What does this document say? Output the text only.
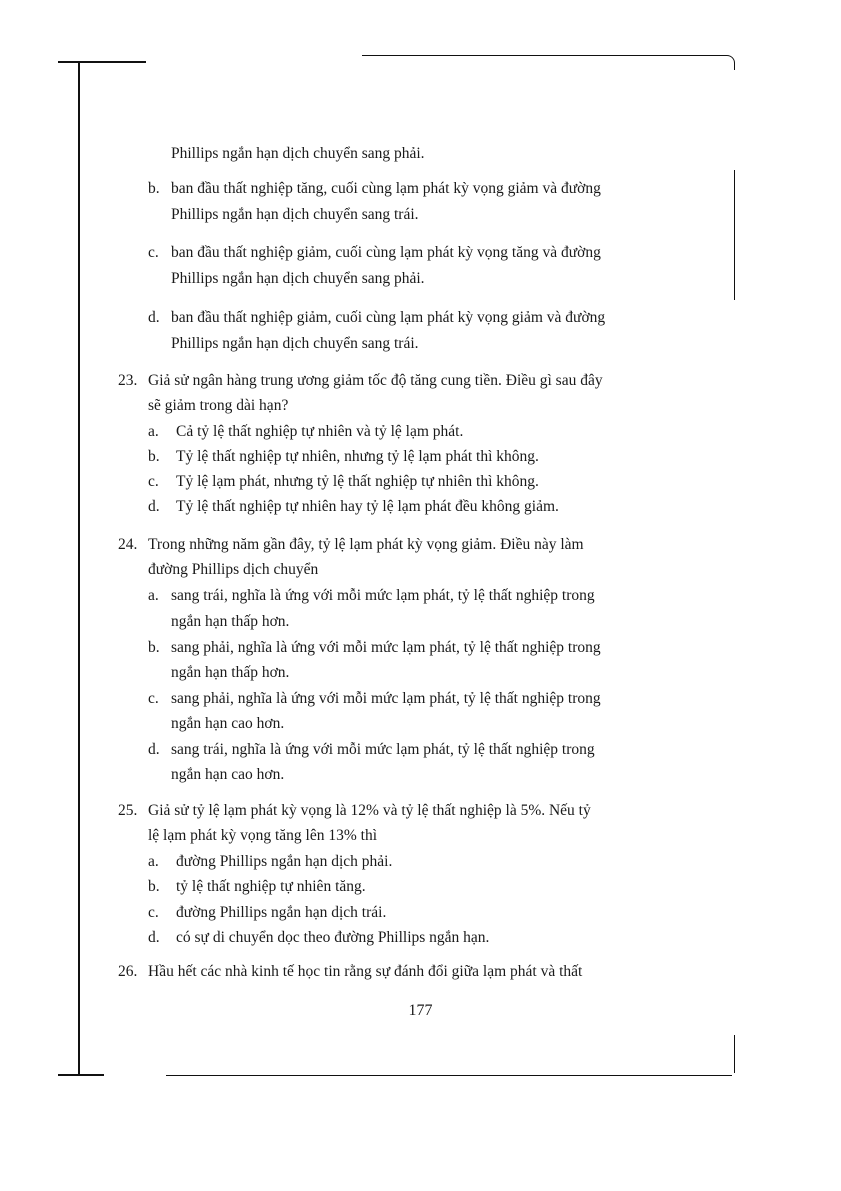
Phillips ngắn hạn dịch chuyển sang phải.
b. ban đầu thất nghiệp tăng, cuối cùng lạm phát kỳ vọng giảm và đường
Phillips ngắn hạn dịch chuyển sang trái.
c. ban đầu thất nghiệp giảm, cuối cùng lạm phát kỳ vọng tăng và đường
Phillips ngắn hạn dịch chuyển sang phải.
d. ban đầu thất nghiệp giảm, cuối cùng lạm phát kỳ vọng giảm và đường
Phillips ngắn hạn dịch chuyển sang trái.
23. Giả sử ngân hàng trung ương giảm tốc độ tăng cung tiền. Điều gì sau đây
sẽ giảm trong dài hạn?
a. Cả tỷ lệ thất nghiệp tự nhiên và tỷ lệ lạm phát.
b. Tỷ lệ thất nghiệp tự nhiên, nhưng tỷ lệ lạm phát thì không.
c. Tỷ lệ lạm phát, nhưng tỷ lệ thất nghiệp tự nhiên thì không.
d. Tỷ lệ thất nghiệp tự nhiên hay tỷ lệ lạm phát đều không giảm.
24. Trong những năm gần đây, tỷ lệ lạm phát kỳ vọng giảm. Điều này làm
đường Phillips dịch chuyển
a. sang trái, nghĩa là ứng với mỗi mức lạm phát, tỷ lệ thất nghiệp trong
ngắn hạn thấp hơn.
b. sang phải, nghĩa là ứng với mỗi mức lạm phát, tỷ lệ thất nghiệp trong
ngắn hạn thấp hơn.
c. sang phải, nghĩa là ứng với mỗi mức lạm phát, tỷ lệ thất nghiệp trong
ngắn hạn cao hơn.
d. sang trái, nghĩa là ứng với mỗi mức lạm phát, tỷ lệ thất nghiệp trong
ngắn hạn cao hơn.
25. Giả sử tỷ lệ lạm phát kỳ vọng là 12% và tỷ lệ thất nghiệp là 5%. Nếu tỷ
lệ lạm phát kỳ vọng tăng lên 13% thì
a. đường Phillips ngắn hạn dịch phải.
b. tỷ lệ thất nghiệp tự nhiên tăng.
c. đường Phillips ngắn hạn dịch trái.
d. có sự di chuyển dọc theo đường Phillips ngắn hạn.
26. Hầu hết các nhà kinh tế học tin rằng sự đánh đổi giữa lạm phát và thất
177
